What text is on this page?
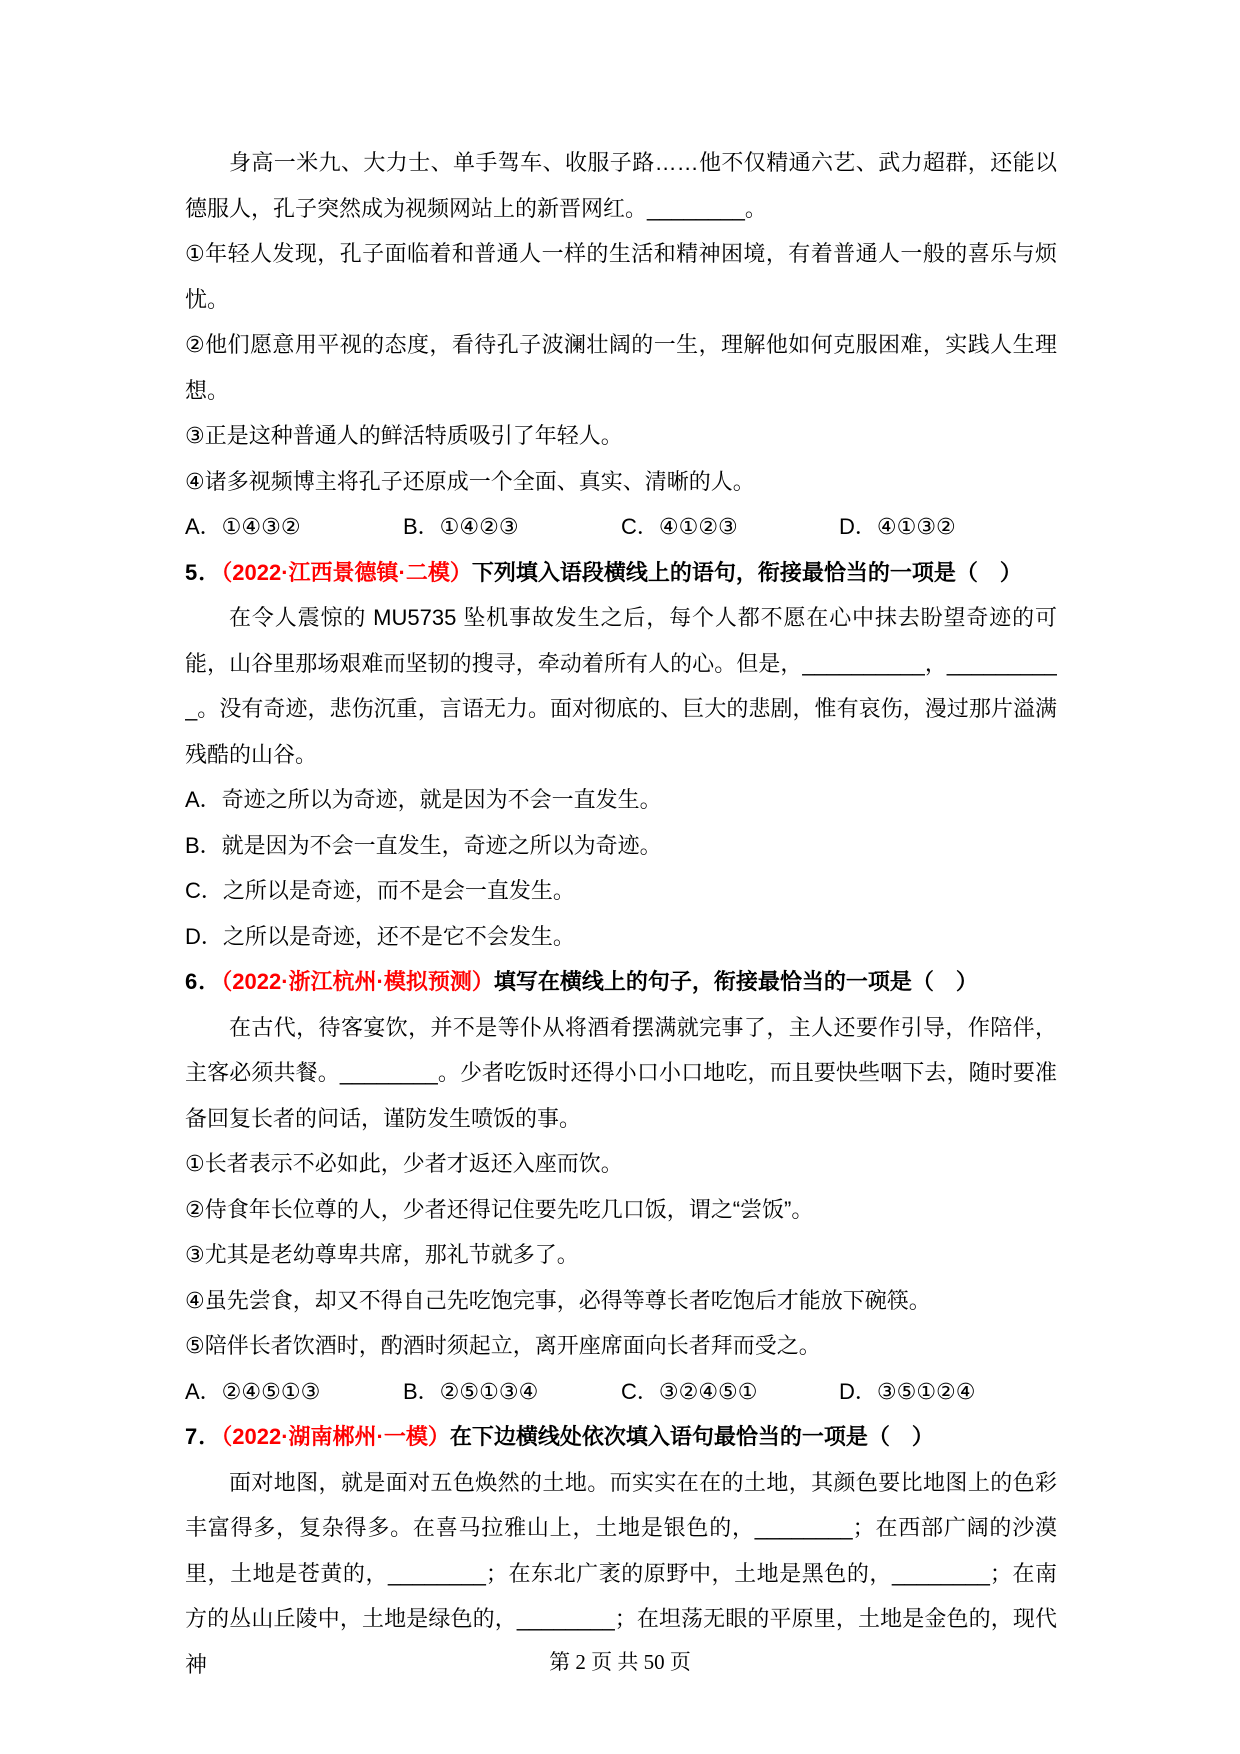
身高一米九、大力士、单手驾车、收服子路……他不仅精通六艺、武力超群，还能以德服人，孔子突然成为视频网站上的新晋网红。________。

①年轻人发现，孔子面临着和普通人一样的生活和精神困境，有着普通人一般的喜乐与烦忧。

②他们愿意用平视的态度，看待孔子波澜壮阔的一生，理解他如何克服困难，实践人生理想。

③正是这种普通人的鲜活特质吸引了年轻人。

④诸多视频博主将孔子还原成一个全面、真实、清晰的人。

A．①④③②	B．①④②③	C．④①②③	D．④①③②

5．（2022·江西景德镇·二模）下列填入语段横线上的语句，衔接最恰当的一项是（　）

在令人震惊的 MU5735 坠机事故发生之后，每个人都不愿在心中抹去盼望奇迹的可能，山谷里那场艰难而坚韧的搜寻，牵动着所有人的心。但是，__________，__________。没有奇迹，悲伤沉重，言语无力。面对彻底的、巨大的悲剧，惟有哀伤，漫过那片溢满残酷的山谷。

A．奇迹之所以为奇迹，就是因为不会一直发生。

B．就是因为不会一直发生，奇迹之所以为奇迹。

C．之所以是奇迹，而不是会一直发生。

D．之所以是奇迹，还不是它不会发生。

6．（2022·浙江杭州·模拟预测）填写在横线上的句子，衔接最恰当的一项是（　）

在古代，待客宴饮，并不是等仆从将酒肴摆满就完事了，主人还要作引导，作陪伴，主客必须共餐。________。少者吃饭时还得小口小口地吃，而且要快些咽下去，随时要准备回复长者的问话，谨防发生喷饭的事。

①长者表示不必如此，少者才返还入座而饮。

②侍食年长位尊的人，少者还得记住要先吃几口饭，谓之“尝饭”。

③尤其是老幼尊卑共席，那礼节就多了。

④虽先尝食，却又不得自己先吃饱完事，必得等尊长者吃饱后才能放下碗筷。

⑤陪伴长者饮酒时，酌酒时须起立，离开座席面向长者拜而受之。

A．②④⑤①③	B．②⑤①③④	C．③②④⑤①	D．③⑤①②④

7．（2022·湖南郴州·一模）在下边横线处依次填入语句最恰当的一项是（　）

面对地图，就是面对五色焕然的土地。而实实在在的土地，其颜色要比地图上的色彩丰富得多，复杂得多。在喜马拉雅山上，土地是银色的，________；在西部广阔的沙漠里，土地是苍黄的，________；在东北广袤的原野中，土地是黑色的，________；在南方的丛山丘陵中，土地是绿色的，________；在坦荡无眼的平原里，土地是金色的，现代神	第 2 页 共 50 页
